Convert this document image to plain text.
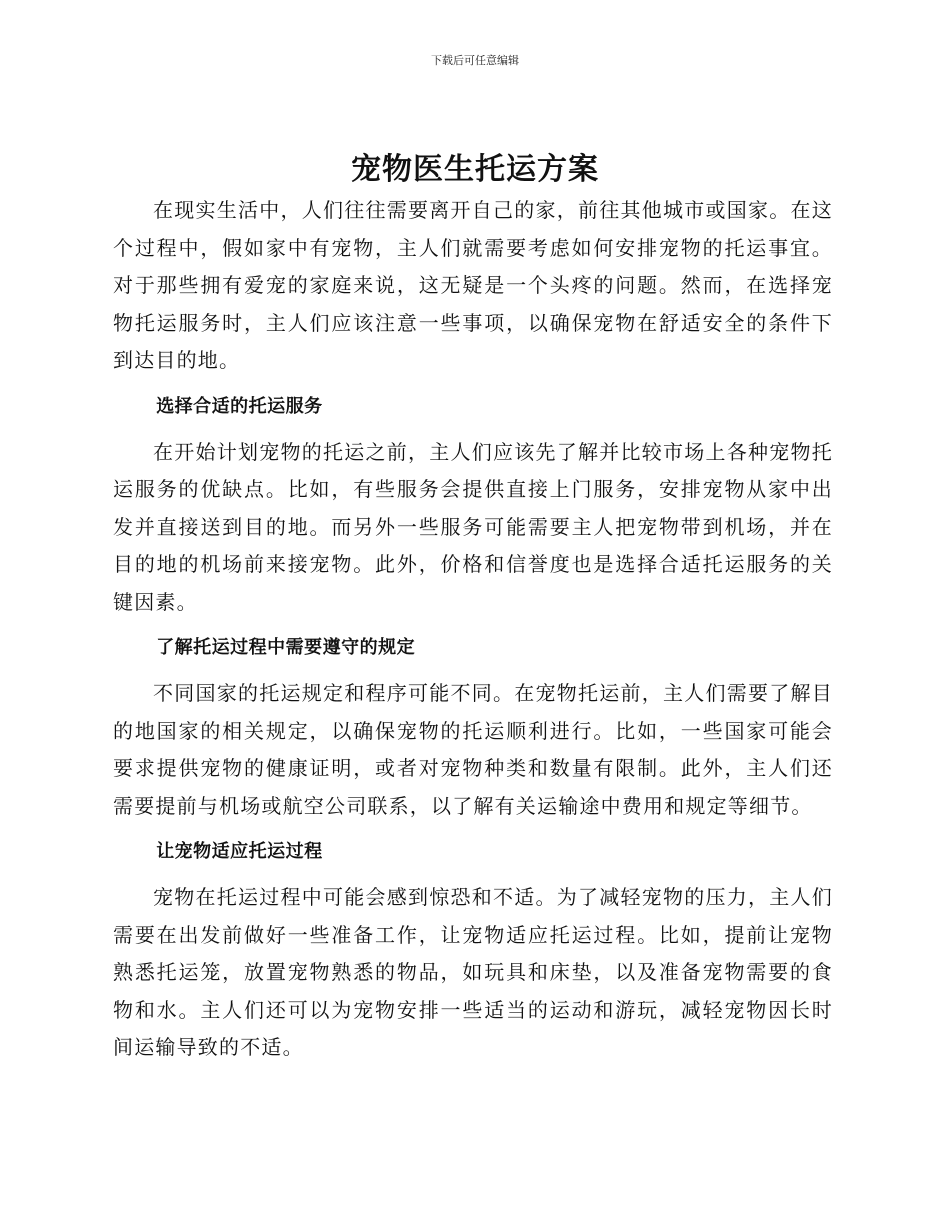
下载后可任意编辑
宠物医生托运方案

在现实生活中，人们往往需要离开自己的家，前往其他城市或国家。在这个过程中，假如家中有宠物，主人们就需要考虑如何安排宠物的托运事宜。对于那些拥有爱宠的家庭来说，这无疑是一个头疼的问题。然而，在选择宠物托运服务时，主人们应该注意一些事项，以确保宠物在舒适安全的条件下到达目的地。

选择合适的托运服务

在开始计划宠物的托运之前，主人们应该先了解并比较市场上各种宠物托运服务的优缺点。比如，有些服务会提供直接上门服务，安排宠物从家中出发并直接送到目的地。而另外一些服务可能需要主人把宠物带到机场，并在目的地的机场前来接宠物。此外，价格和信誉度也是选择合适托运服务的关键因素。

了解托运过程中需要遵守的规定

不同国家的托运规定和程序可能不同。在宠物托运前，主人们需要了解目的地国家的相关规定，以确保宠物的托运顺利进行。比如，一些国家可能会要求提供宠物的健康证明，或者对宠物种类和数量有限制。此外，主人们还需要提前与机场或航空公司联系，以了解有关运输途中费用和规定等细节。

让宠物适应托运过程

宠物在托运过程中可能会感到惊恐和不适。为了减轻宠物的压力，主人们需要在出发前做好一些准备工作，让宠物适应托运过程。比如，提前让宠物熟悉托运笼，放置宠物熟悉的物品，如玩具和床垫，以及准备宠物需要的食物和水。主人们还可以为宠物安排一些适当的运动和游玩，减轻宠物因长时间运输导致的不适。
